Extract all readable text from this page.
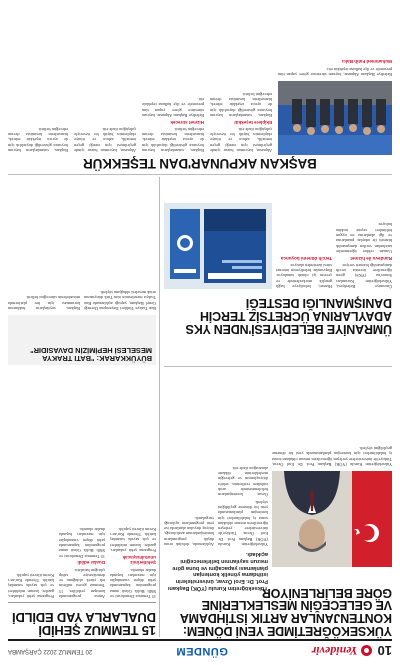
10
Yenidevir
GÜNDEM
20 TEMMUZ 2022 ÇARŞAMBA
YÜKSEKÖĞRETİMDE YENİ DÖNEM: KONTENJANLAR ARTIK İSTİHDAMA VE GELECEĞİN MESLEKLERİNE GÖRE BELİRLENİYOR
Yükseköğretim Kurulu (YÖK) Başkanı Prof. Dr. Erol Özvar, üniversitelerin istihdama yönelik kontenjan planlaması yapacağını ve buna göre mezun sayılarının belirleneceğini açıkladı.

Yükseköğretim Kurulu (YÖK) Başkanı Prof. Dr. Erol Özvar, Türkiye'de üniversitelere yerleşen öğrencilerin mezun olduktan sonra iş bulabilmeleri için kontenjan planlamasında yeni bir döneme geçildiğini söyledi.

Özvar, kontenjanların belirlenmesinde artık istihdam verilerinin, sektör ihtiyaçlarının ve geleceğin mesleklerinin dikkate alınacağını ifade etti.

Açıklamada, doluluk oranı düşük programların kontenjanlarının azaltılacağı, ihtiyaç duyulan alanlarda ise yeni programların açılacağı vurgulandı.

Yükseköğretim Kurulu (YÖK) Başkanı Prof. Dr. Erol Özvar, Türkiye'de üniversitelere yerleşen öğrencilerin mezun olduktan sonra iş bulabilmeleri için kontenjan planlamasında yeni bir döneme geçildiğini söyledi.

15 TEMMUZ ŞEHİDİ DUALARLA YAD EDİLDİ

15 Temmuz Demokrasi ve Milli Birlik Günü anma programları kapsamında şehit düşen vatandaşlar için mezarları başında dualar okundu.

Şehitlerimiz unutulmayacak

Programa şehit yakınları, gaziler, kurum müdürleri ve çok sayıda vatandaş katıldı. Törende Kur'an-ı Kerim tilaveti yapıldı.

Anma programında konuşan yetkililer, 15 Temmuz gecesi milletin tek yürek olduğunu ve demokrasiye sahip çıktığını hatırlattı.

Dualar edildi

15 Temmuz Demokrasi ve Milli Birlik Günü anma programları kapsamında şehit düşen vatandaşlar için mezarları başında dualar okundu.

Programa şehit yakınları, gaziler, kurum müdürleri ve çok sayıda vatandaş katıldı. Törende Kur'an-ı Kerim tilaveti yapıldı.

BÜYÜKKARAK: "BATI TRAKYA MESELESİ HEPİMİZİN DAVASIDIR"

Batı Trakya Türkleri Dayanışma Derneği Genel Başkanı, yaptığı açıklamada Batı Trakya meselesinin tüm Türk dünyasının ortak meselesi olduğunu söyledi.

Başkan, soydaşların haklarının korunması için her platformda mücadelenin süreceğini belirtti.

ÜMRANİYE BELEDİYESİ'NDEN YKS ADAYLARINA ÜCRETSİZ TERCİH DANIŞMANLIĞI DESTEĞİ

Ümraniye Belediyesi, Yükseköğretim Kurumları Sınavı'na (YKS) giren öğrencilere ücretsiz tercih danışmanlığı hizmeti veriyor.

Randevu ile hizmet

Uzman rehber öğretmenler tarafından verilen danışmanlık hizmeti ile adaylar, puanlarına ve ilgi alanlarına en uygun bölümleri seçme imkânı buluyor.

Hizmet, belediyeye bağlı gençlik merkezlerinde ve çevrim içi olarak sunuluyor. Başvurular belediyenin internet sitesi üzerinden alınıyor.

Tercih dönemi boyunca
BAŞKAN AKPUNAR'DAN TEŞEKKÜR

Belediye Başkanı Akpunar, bayram süresince görev yapan tüm personele ve ilçe halkına teşekkür etti.

Muhammed Fatih Balcı

Akpunar, bayramın huzur içinde geçirilmesi için emeği geçen temizlik, zabıta ve itfaiye ekiplerinin büyük bir özveriyle çalıştığını ifade etti.

Ekiplere teşekkür

Başkan, vatandaşların bayram boyunca gösterdiği duyarlılık için de ayrıca teşekkür ederek, hizmetlerin kesintisiz devam edeceğini belirtti.

Başkan, vatandaşların bayram boyunca gösterdiği duyarlılık için de ayrıca teşekkür ederek, hizmetlerin kesintisiz devam edeceğini belirtti.

Hizmet sürecek

Belediye Başkanı Akpunar, bayram süresince görev yapan tüm personele ve ilçe halkına teşekkür etti.

Akpunar, bayramın huzur içinde geçirilmesi için emeği geçen temizlik, zabıta ve itfaiye ekiplerinin büyük bir özveriyle çalıştığını ifade etti.

Başkan, vatandaşların bayram boyunca gösterdiği duyarlılık için de ayrıca teşekkür ederek, hizmetlerin kesintisiz devam edeceğini belirtti.
